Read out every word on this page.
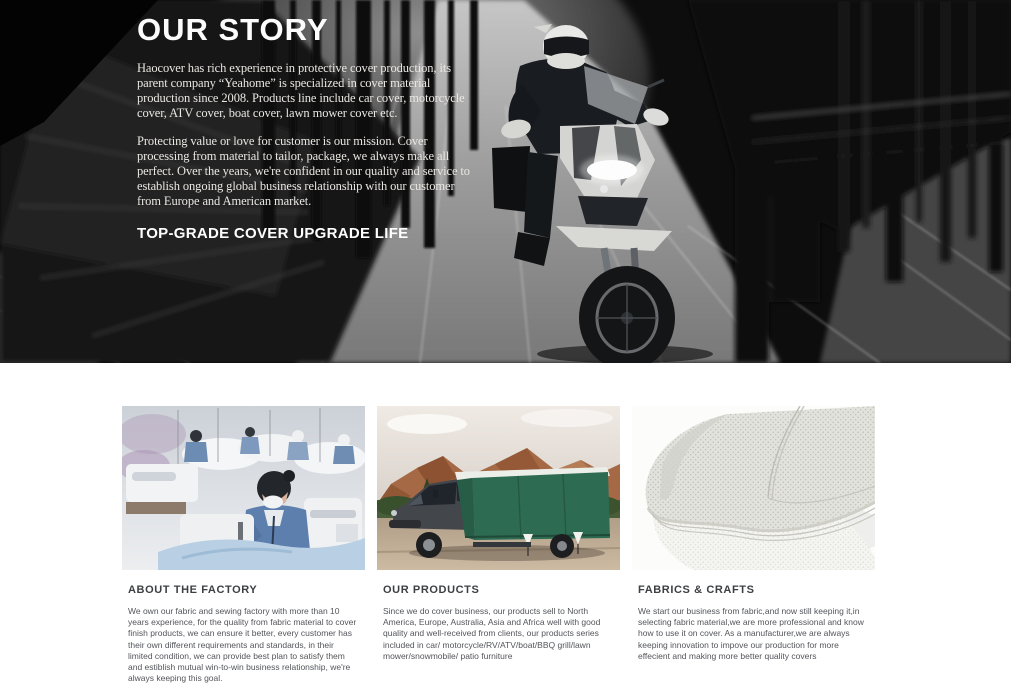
OUR STORY

Haocover has rich experience in protective cover production, its parent company “Yeahome” is specialized in cover material production since 2008. Products line include car cover, motorcycle cover, ATV cover, boat cover, lawn mower cover etc.

Protecting value or love for customer is our mission. Cover processing from material to tailor, package, we always make all perfect. Over the years, we're confident in our quality and service to establish ongoing global business relationship with our customer from Europe and American market.

TOP-GRADE COVER UPGRADE LIFE
ABOUT THE FACTORY

We own our fabric and sewing factory with more than 10 years experience, for the quality from fabric material to cover finish products, we can ensure it better, every customer has their own different requirements and standards, in their limited condition, we can provide best plan to satisfy them and estiblish mutual win-to-win business relationship, we're always keeping this goal.

OUR PRODUCTS

Since we do cover business, our products sell to North America, Europe, Australia, Asia and Africa well with good quality and well-received from clients, our products series included in car/ motorcycle/RV/ATV/boat/BBQ grill/lawn mower/snowmobile/ patio furniture

FABRICS & CRAFTS

We start our business from fabric,and now still keeping it,in selecting fabric material,we are more professional and know how to use it on cover. As a manufacturer,we are always keeping innovation to impove our production for more effecient and making more better quality covers
